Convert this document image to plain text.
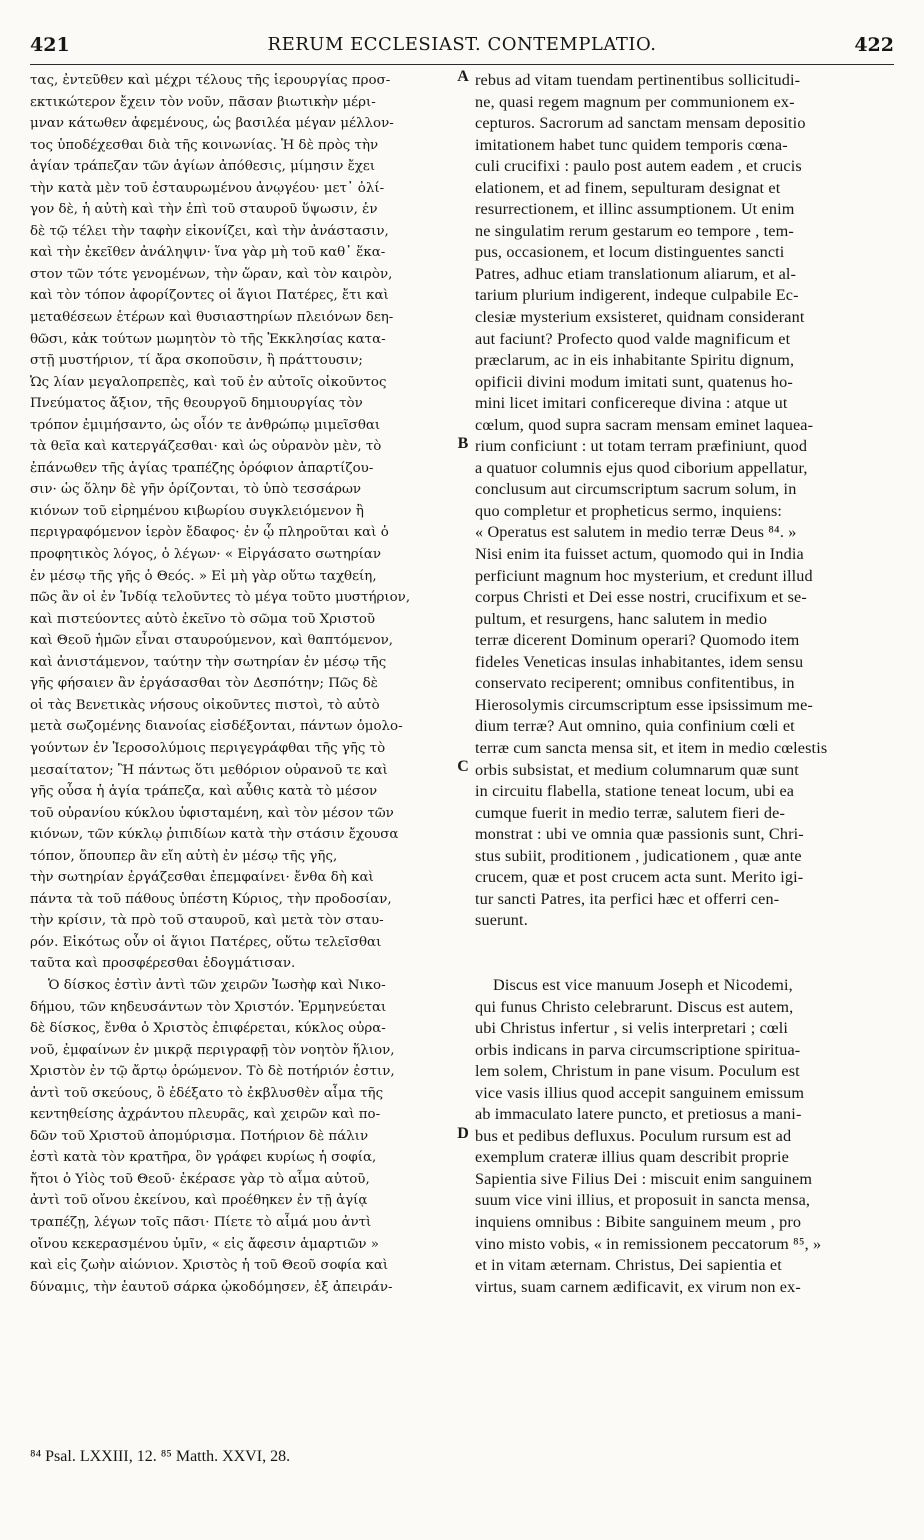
421	RERUM ECCLESIAST. CONTEMPLATIO.	422
τας, ἐντεῦθεν καὶ μέχρι τέλους τῆς ἱερουργίας προσ-
εκτικώτερον ἔχειν τὸν νοῦν, πᾶσαν βιωτικὴν μέρι-
μναν κάτωθεν ἀφεμένους, ὡς βασιλέα μέγαν μέλλον-
τος ὑποδέχεσθαι διὰ τῆς κοινωνίας. Ἡ δὲ πρὸς τὴν
ἁγίαν τράπεζαν τῶν ἁγίων ἀπόθεσις, μίμησιν ἔχει
τὴν κατὰ μὲν τοῦ ἐσταυρωμένου ἀνῳγέου· μετ᾽ ὀλί-
γον δὲ, ἡ αὐτὴ καὶ τὴν ἐπὶ τοῦ σταυροῦ ὕψωσιν, ἐν
δὲ τῷ τέλει τὴν ταφὴν εἰκονίζει, καὶ τὴν ἀνάστασιν,
καὶ τὴν ἐκεῖθεν ἀνάληψιν· ἵνα γὰρ μὴ τοῦ καθ᾽ ἕκα-
στον τῶν τότε γενομένων, τὴν ὥραν, καὶ τὸν καιρὸν,
καὶ τὸν τόπον ἀφορίζοντες οἱ ἅγιοι Πατέρες, ἔτι καὶ
μεταθέσεων ἑτέρων καὶ θυσιαστηρίων πλειόνων δεη-
θῶσι, κἀκ τούτων μωμητὸν τὸ τῆς Ἐκκλησίας κατα-
στῇ μυστήριον, τί ἄρα σκοποῦσιν, ἢ πράττουσιν;
Ὡς λίαν μεγαλοπρεπὲς, καὶ τοῦ ἐν αὐτοῖς οἰκοῦντος
Πνεύματος ἄξιον, τῆς θεουργοῦ δημιουργίας τὸν
τρόπον ἐμιμήσαντο, ὡς οἷόν τε ἀνθρώπῳ μιμεῖσθαι
τὰ θεῖα καὶ κατεργάζεσθαι· καὶ ὡς οὐρανὸν μὲν, τὸ
ἐπάνωθεν τῆς ἁγίας τραπέζης ὀρόφιον ἀπαρτίζου-
σιν· ὡς ὅλην δὲ γῆν ὁρίζονται, τὸ ὑπὸ τεσσάρων
κιόνων τοῦ εἰρημένου κιβωρίου συγκλειόμενον ἢ
περιγραφόμενον ἱερὸν ἔδαφος· ἐν ᾧ πληροῦται καὶ ὁ
προφητικὸς λόγος, ὁ λέγων· « Εἰργάσατο σωτηρίαν
ἐν μέσῳ τῆς γῆς ὁ Θεός. » Εἰ μὴ γὰρ οὕτω ταχθείη,
πῶς ἂν οἱ ἐν Ἰνδίᾳ τελοῦντες τὸ μέγα τοῦτο μυστήριον,
καὶ πιστεύοντες αὐτὸ ἐκεῖνο τὸ σῶμα τοῦ Χριστοῦ
καὶ Θεοῦ ἡμῶν εἶναι σταυρούμενον, καὶ θαπτόμενον,
καὶ ἀνιστάμενον, ταύτην τὴν σωτηρίαν ἐν μέσῳ τῆς
γῆς φήσαιεν ἂν ἐργάσασθαι τὸν Δεσπότην; Πῶς δὲ
οἱ τὰς Βενετικὰς νήσους οἰκοῦντες πιστοὶ, τὸ αὐτὸ
μετὰ σωζομένης διανοίας εἰσδέξονται, πάντων ὁμολο-
γούντων ἐν Ἱεροσολύμοις περιγεγράφθαι τῆς γῆς τὸ
μεσαίτατον; Ἢ πάντως ὅτι μεθόριον οὐρανοῦ τε καὶ
γῆς οὖσα ἡ ἁγία τράπεζα, καὶ αὖθις κατὰ τὸ μέσον
τοῦ οὐρανίου κύκλου ὑφισταμένη, καὶ τὸν μέσον τῶν
κιόνων, τῶν κύκλῳ ῥιπιδίων κατὰ τὴν στάσιν ἔχουσα
τόπον, ὅπουπερ ἂν εἴη αὐτὴ ἐν μέσῳ τῆς γῆς,
τὴν σωτηρίαν ἐργάζεσθαι ἐπεμφαίνει· ἔνθα δὴ καὶ
πάντα τὰ τοῦ πάθους ὑπέστη Κύριος, τὴν προδοσίαν,
τὴν κρίσιν, τὰ πρὸ τοῦ σταυροῦ, καὶ μετὰ τὸν σταυ-
ρόν. Εἰκότως οὖν οἱ ἅγιοι Πατέρες, οὕτω τελεῖσθαι
ταῦτα καὶ προσφέρεσθαι ἐδογμάτισαν.
Ὁ δίσκος ἐστὶν ἀντὶ τῶν χειρῶν Ἰωσὴφ καὶ Νικο-
δήμου, τῶν κηδευσάντων τὸν Χριστόν. Ἑρμηνεύεται
δὲ δίσκος, ἔνθα ὁ Χριστὸς ἐπιφέρεται, κύκλος οὐρα-
νοῦ, ἐμφαίνων ἐν μικρᾷ περιγραφῇ τὸν νοητὸν ἥλιον,
Χριστὸν ἐν τῷ ἄρτῳ ὁρώμενον. Τὸ δὲ ποτήριόν ἐστιν,
ἀντὶ τοῦ σκεύους, ὃ ἐδέξατο τὸ ἐκβλυσθὲν αἷμα τῆς
κεντηθείσης ἀχράντου πλευρᾶς, καὶ χειρῶν καὶ πο-
δῶν τοῦ Χριστοῦ ἀπομύρισμα. Ποτήριον δὲ πάλιν
ἐστὶ κατὰ τὸν κρατῆρα, ὃν γράφει κυρίως ἡ σοφία,
ἤτοι ὁ Υἱὸς τοῦ Θεοῦ· ἐκέρασε γὰρ τὸ αἷμα αὐτοῦ,
ἀντὶ τοῦ οἴνου ἐκείνου, καὶ προέθηκεν ἐν τῇ ἁγίᾳ
τραπέζῃ, λέγων τοῖς πᾶσι· Πίετε τὸ αἷμά μου ἀντὶ
οἴνου κεκερασμένου ὑμῖν, « εἰς ἄφεσιν ἁμαρτιῶν »
καὶ εἰς ζωὴν αἰώνιον. Χριστὸς ἡ τοῦ Θεοῦ σοφία καὶ
δύναμις, τὴν ἑαυτοῦ σάρκα ᾠκοδόμησεν, ἐξ ἀπειράν-
rebus ad vitam tuendam pertinentibus sollicitudi-
ne, quasi regem magnum per communionem ex-
cepturos. Sacrorum ad sanctam mensam depositio
imitationem habet tunc quidem temporis cœna-
culi crucifixi : paulo post autem eadem , et crucis
elationem, et ad finem, sepulturam designat et
resurrectionem, et illinc assumptionem. Ut enim
ne singulatim rerum gestarum eo tempore , tem-
pus, occasionem, et locum distinguentes sancti
Patres, adhuc etiam translationum aliarum, et al-
tarium plurium indigerent, indeque culpabile Ec-
clesiæ mysterium exsisteret, quidnam considerant
aut faciunt? Profecto quod valde magnificum et
præclarum, ac in eis inhabitante Spiritu dignum,
opificii divini modum imitati sunt, quatenus ho-
mini licet imitari conficereque divina : atque ut
cœlum, quod supra sacram mensam eminet laquea-
rium conficiunt : ut totam terram præfiniunt, quod
a quatuor columnis ejus quod ciborium appellatur,
conclusum aut circumscriptum sacrum solum, in
quo completur et propheticus sermo, inquiens:
« Operatus est salutem in medio terræ Deus ⁸⁴. »
Nisi enim ita fuisset actum, quomodo qui in India
perficiunt magnum hoc mysterium, et credunt illud
corpus Christi et Dei esse nostri, crucifixum et se-
pultum, et resurgens, hanc salutem in medio
terræ dicerent Dominum operari? Quomodo item
fideles Veneticas insulas inhabitantes, idem sensu
conservato reciperent; omnibus confitentibus, in
Hierosolymis circumscriptum esse ipsissimum me-
dium terræ? Aut omnino, quia confinium cœli et
terræ cum sancta mensa sit, et item in medio cœlestis
orbis subsistat, et medium columnarum quæ sunt
in circuitu flabella, statione teneat locum, ubi ea
cumque fuerit in medio terræ, salutem fieri de-
monstrat : ubi ve omnia quæ passionis sunt, Chri-
stus subiit, proditionem , judicationem , quæ ante
crucem, quæ et post crucem acta sunt. Merito igi-
tur sancti Patres, ita perfici hæc et offerri cen-
suerunt.
Discus est vice manuum Joseph et Nicodemi,
qui funus Christo celebrarunt. Discus est autem,
ubi Christus infertur , si velis interpretari ; cœli
orbis indicans in parva circumscriptione spiritua-
lem solem, Christum in pane visum. Poculum est
vice vasis illius quod accepit sanguinem emissum
ab immaculato latere puncto, et pretiosus a mani-
bus et pedibus defluxus. Poculum rursum est ad
exemplum crateræ illius quam describit proprie
Sapientia sive Filius Dei : miscuit enim sanguinem
suum vice vini illius, et proposuit in sancta mensa,
inquiens omnibus : Bibite sanguinem meum , pro
vino misto vobis, « in remissionem peccatorum ⁸⁵, »
et in vitam æternam. Christus, Dei sapientia et
virtus, suam carnem ædificavit, ex virum non ex-
A
B
C
D
⁸⁴ Psal. LXXIII, 12. ⁸⁵ Matth. XXVI, 28.
